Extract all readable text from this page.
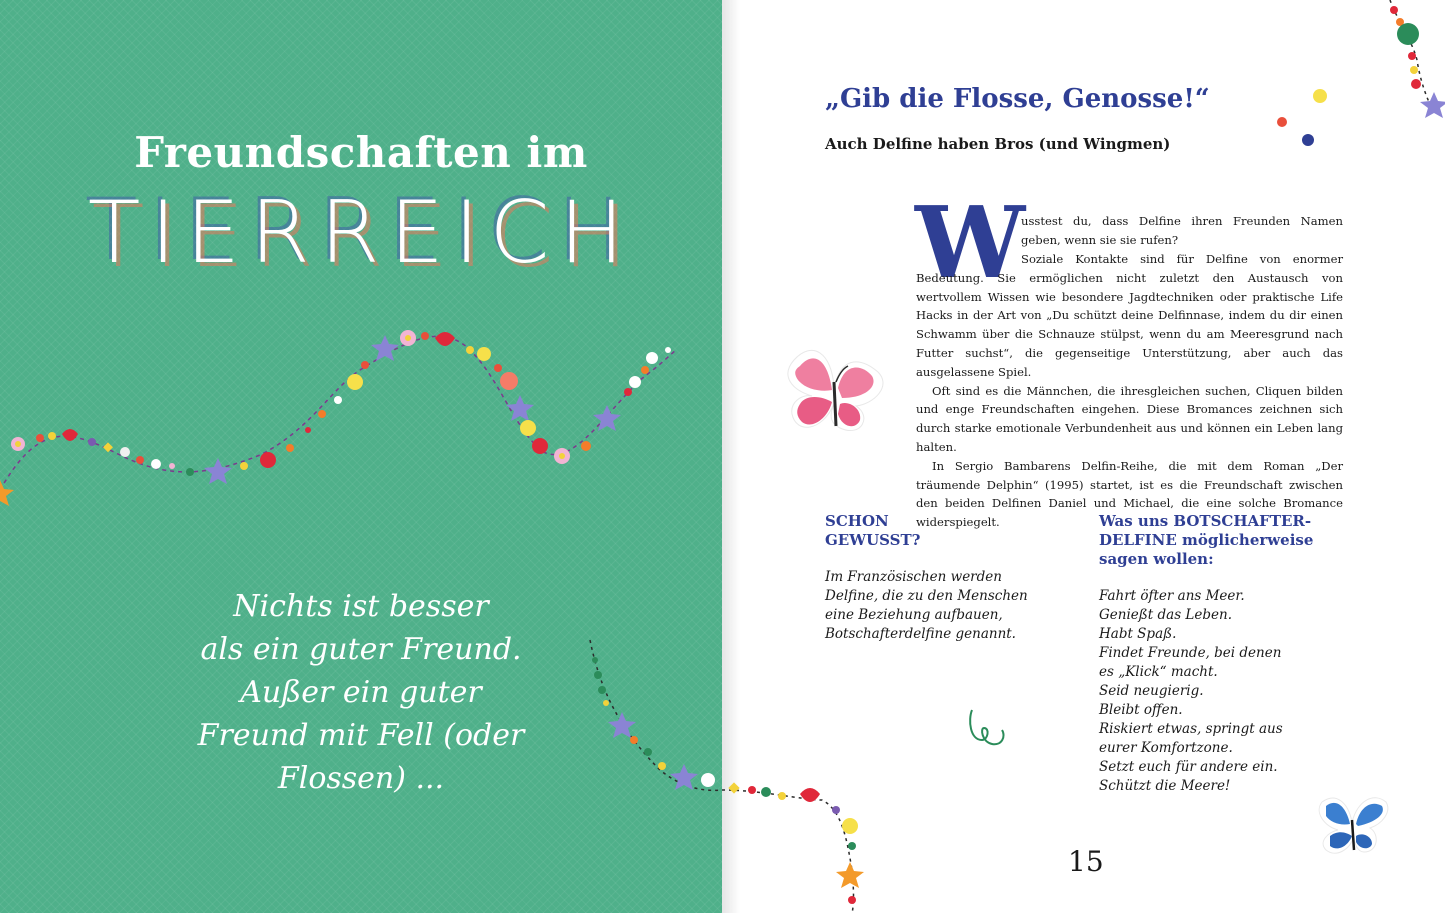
Freundschaften im
TIERREICH
Nichts ist besser
als ein guter Freund.
Außer ein guter
Freund mit Fell (oder
Flossen) ...
„Gib die Flosse, Genosse!“
Auch Delfine haben Bros (und Wingmen)
W
usstest du, dass Delfine ihren Freunden Namen geben, wenn sie sie rufen?

Soziale Kontakte sind für Delfine von enormer Bedeutung. Sie ermöglichen nicht zuletzt den Austausch von wertvollem Wissen wie besondere Jagdtechniken oder praktische Life Hacks in der Art von „Du schützt deine Delfinnase, indem du dir einen Schwamm über die Schnauze stülpst, wenn du am Meeresgrund nach Futter suchst“, die gegenseitige Unterstützung, aber auch das ausgelassene Spiel.

Oft sind es die Männchen, die ihresgleichen suchen, Cliquen bilden und enge Freundschaften eingehen. Diese Bromances zeichnen sich durch starke emotionale Verbundenheit aus und können ein Leben lang halten.

In Sergio Bambarens Delfin-Reihe, die mit dem Roman „Der träumende Delphin“ (1995) startet, ist es die Freundschaft zwischen den beiden Delfinen Daniel und Michael, die eine solche Bromance widerspiegelt.

SCHON
GEWUSST?
Im Französischen werden
Delfine, die zu den Menschen
eine Beziehung aufbauen,
Botschafterdelfine genannt.
Was uns BOTSCHAFTER-
DELFINE möglicherweise
sagen wollen:
Fahrt öfter ans Meer.
Genießt das Leben.
Habt Spaß.
Findet Freunde, bei denen
es „Klick“ macht.
Seid neugierig.
Bleibt offen.
Riskiert etwas, springt aus
eurer Komfortzone.
Setzt euch für andere ein.
Schützt die Meere!
15
